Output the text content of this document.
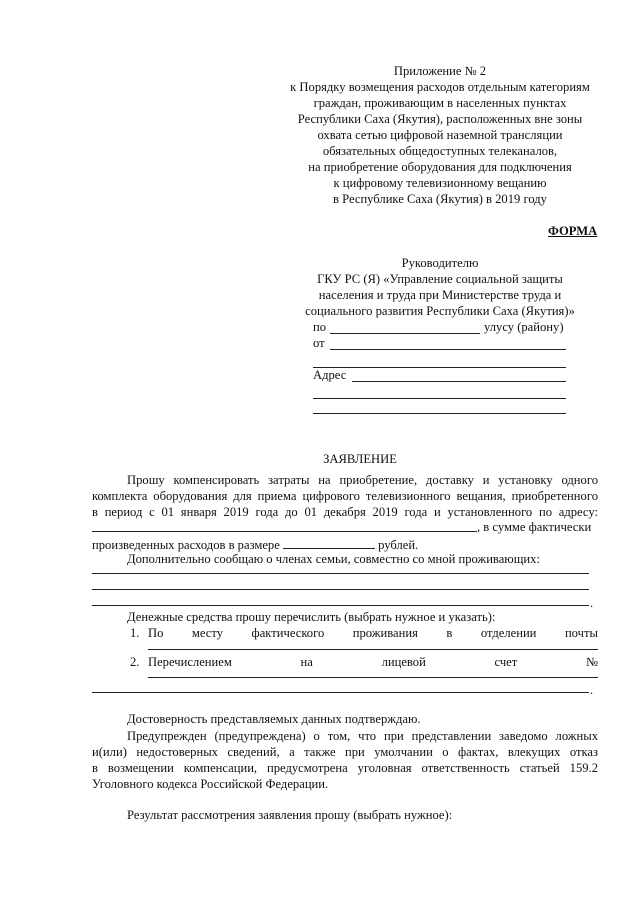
Приложение № 2
к Порядку возмещения расходов отдельным категориям
граждан, проживающим в населенных пунктах
Республики Саха (Якутия), расположенных вне зоны
охвата сетью цифровой наземной трансляции
обязательных общедоступных телеканалов,
на приобретение оборудования для подключения
к цифровому телевизионному вещанию
в Республике Саха (Якутия) в 2019 году
ФОРМА
Руководителю
ГКУ РС (Я) «Управление социальной защиты
населения и труда при Министерстве труда и
социального развития Республики Саха (Якутия)»
по	улусу (району)
от
Адрес
ЗАЯВЛЕНИЕ
Прошу компенсировать затраты на приобретение, доставку и установку одного
комплекта оборудования для приема цифрового телевизионного вещания, приобретенного
в период с 01 января 2019 года до 01 декабря 2019 года и установленного по адресу:
, в сумме фактически
произведенных расходов в размере	рублей.
Дополнительно сообщаю о членах семьи, совместно со мной проживающих:
.
Денежные средства прошу перечислить (выбрать нужное и указать):
1. По месту фактического проживания в отделении почты
2. Перечислением	на	лицевой	счет	№
.
Достоверность представляемых данных подтверждаю.
Предупрежден (предупреждена) о том, что при представлении заведомо ложных
и(или) недостоверных сведений, а также при умолчании о фактах, влекущих отказ
в возмещении компенсации, предусмотрена уголовная ответственность статьей 159.2
Уголовного кодекса Российской Федерации.
Результат рассмотрения заявления прошу (выбрать нужное):
